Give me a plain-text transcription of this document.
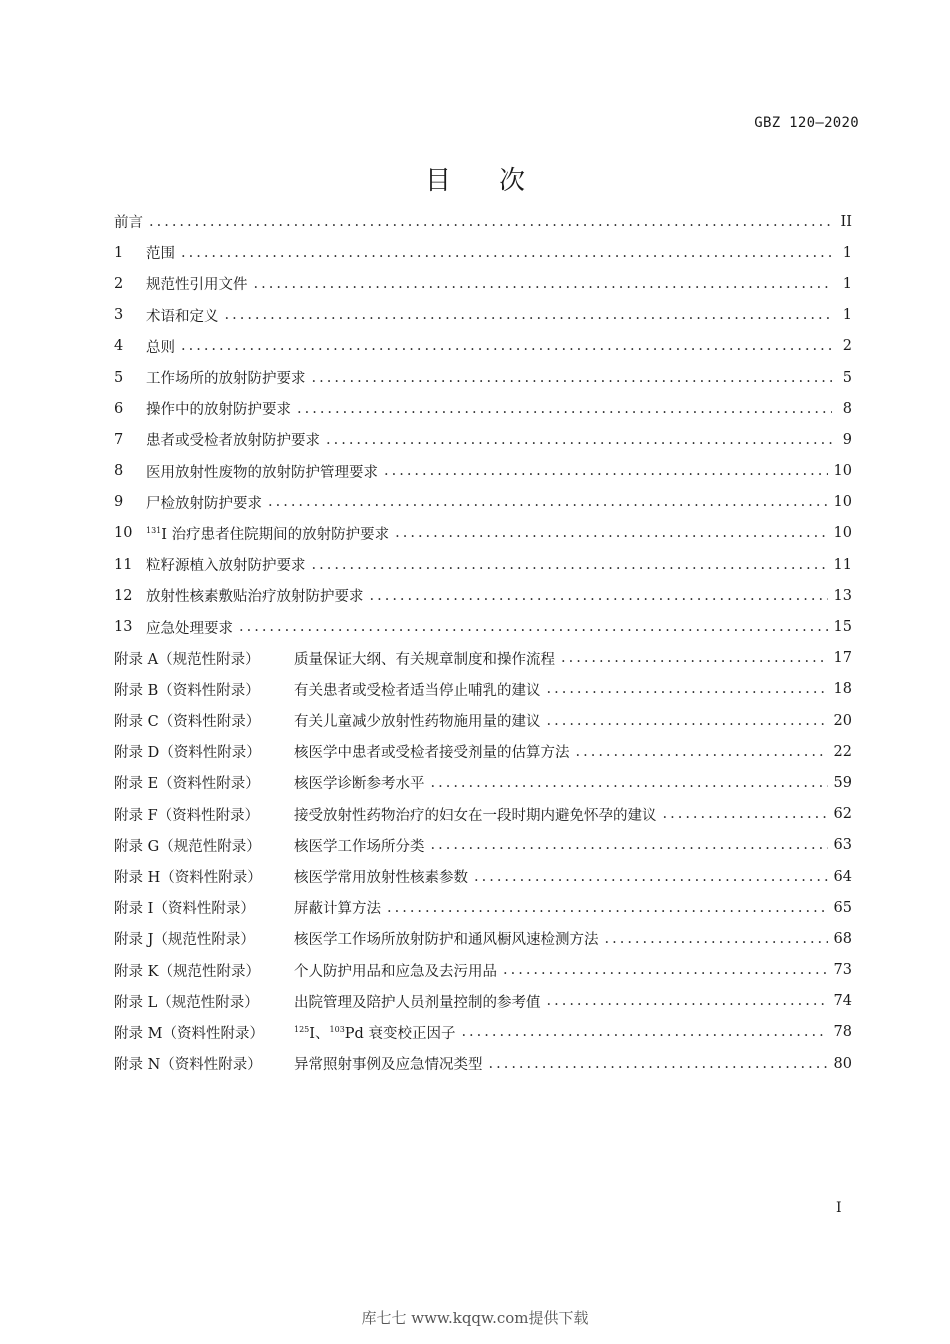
GBZ 120—2020
目次
前言 .....	II
1	范围 .....	1
2	规范性引用文件 .....	1
3	术语和定义 .....	1
4	总则 .....	2
5	工作场所的放射防护要求 .....	5
6	操作中的放射防护要求 .....	8
7	患者或受检者放射防护要求 .....	9
8	医用放射性废物的放射防护管理要求 .....	10
9	尸检放射防护要求 .....	10
10	$^{131}$I 治疗患者住院期间的放射防护要求 .....	10
11 粒籽源植入放射防护要求 .....	11
12 放射性核素敷贴治疗放射防护要求 .....	13
13 应急处理要求 .....	15
附录 A（规范性附录）	质量保证大纲、有关规章制度和操作流程 .....	17
附录 B（资料性附录）	有关患者或受检者适当停止哺乳的建议 .....	18
附录 C（资料性附录）	有关儿童减少放射性药物施用量的建议 .....	20
附录 D（资料性附录）	核医学中患者或受检者接受剂量的估算方法 .....	22
附录 E（资料性附录）	核医学诊断参考水平 .....	59
附录 F（资料性附录）	接受放射性药物治疗的妇女在一段时期内避免怀孕的建议 .....	62
附录 G（规范性附录）	核医学工作场所分类 .....	63
附录 H（资料性附录）	核医学常用放射性核素参数 .....	64
附录 I（资料性附录）	屏蔽计算方法 .....	65
附录 J（规范性附录）	核医学工作场所放射防护和通风橱风速检测方法 .....	68
附录 K（规范性附录）	个人防护用品和应急及去污用品 .....	73
附录 L（规范性附录）	出院管理及陪护人员剂量控制的参考值 .....	74
附录 M（资料性附录）	$^{125}$I、$^{103}$Pd 衰变校正因子 .....	78
附录 N（资料性附录）	异常照射事例及应急情况类型 .....	80
I
库七七 www.kqqw.com提供下载
